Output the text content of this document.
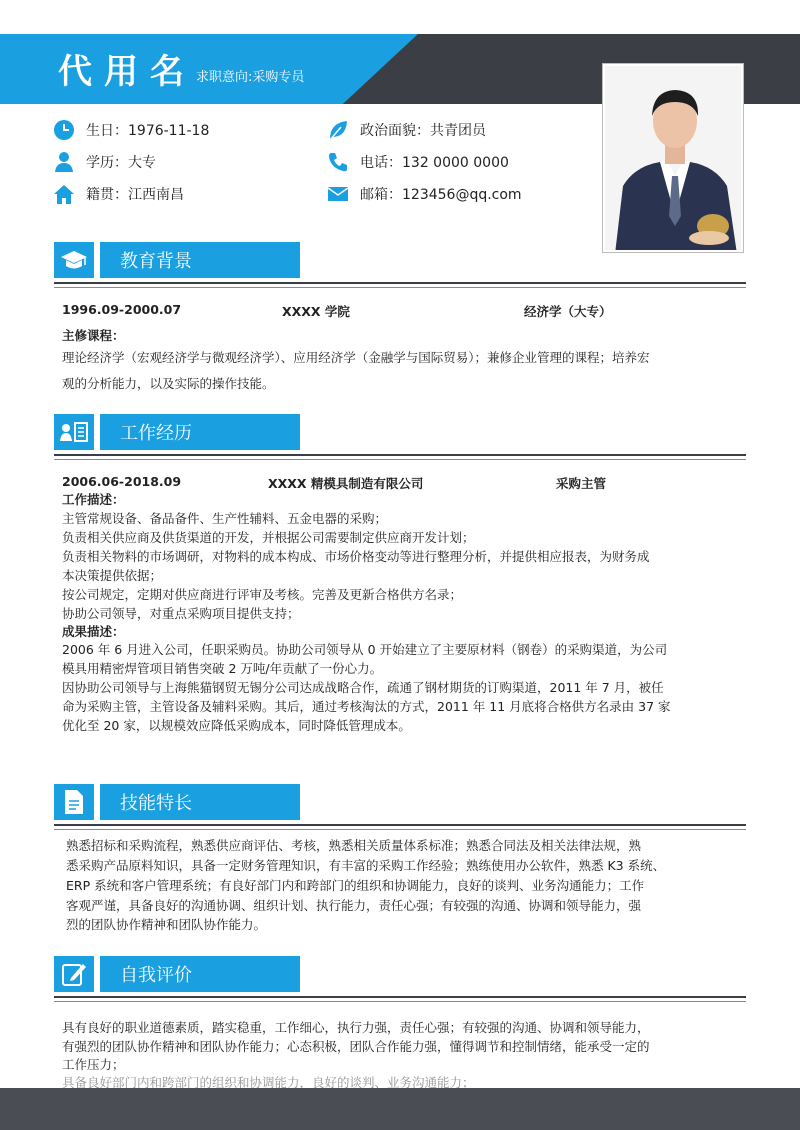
代用名 求职意向:采购专员
生日：1976-11-18
学历：大专
籍贯：江西南昌
政治面貌：共青团员
电话：132 0000 0000
邮箱：123456@qq.com
教育背景
1996.09-2000.07	XXXX 学院	经济学（大专）
主修课程：
理论经济学（宏观经济学与微观经济学）、应用经济学（金融学与国际贸易）；兼修企业管理的课程；培养宏
观的分析能力，以及实际的操作技能。
工作经历
2006.06-2018.09	XXXX 精模具制造有限公司	采购主管
工作描述：
主管常规设备、备品备件、生产性辅料、五金电器的采购；
负责相关供应商及供货渠道的开发，并根据公司需要制定供应商开发计划；
负责相关物料的市场调研，对物料的成本构成、市场价格变动等进行整理分析，并提供相应报表，为财务成
本决策提供依据；
按公司规定，定期对供应商进行评审及考核。完善及更新合格供方名录；
协助公司领导，对重点采购项目提供支持；
成果描述：
2006 年 6 月进入公司，任职采购员。协助公司领导从 0 开始建立了主要原材料（钢卷）的采购渠道，为公司
模具用精密焊管项目销售突破 2 万吨/年贡献了一份心力。
因协助公司领导与上海熊猫钢贸无锡分公司达成战略合作，疏通了钢材期货的订购渠道，2011 年 7 月，被任
命为采购主管，主管设备及辅料采购。其后，通过考核淘汰的方式，2011 年 11 月底将合格供方名录由 37 家
优化至 20 家，以规模效应降低采购成本，同时降低管理成本。
技能特长
熟悉招标和采购流程，熟悉供应商评估、考核，熟悉相关质量体系标准；熟悉合同法及相关法律法规，熟
悉采购产品原料知识，具备一定财务管理知识，有丰富的采购工作经验；熟练使用办公软件，熟悉 K3 系统、
ERP 系统和客户管理系统；有良好部门内和跨部门的组织和协调能力，良好的谈判、业务沟通能力；工作
客观严谨，具备良好的沟通协调、组织计划、执行能力，责任心强；有较强的沟通、协调和领导能力，强
烈的团队协作精神和团队协作能力。
自我评价
具有良好的职业道德素质，踏实稳重，工作细心，执行力强，责任心强；有较强的沟通、协调和领导能力，
有强烈的团队协作精神和团队协作能力；心态积极，团队合作能力强，懂得调节和控制情绪，能承受一定的
工作压力；
